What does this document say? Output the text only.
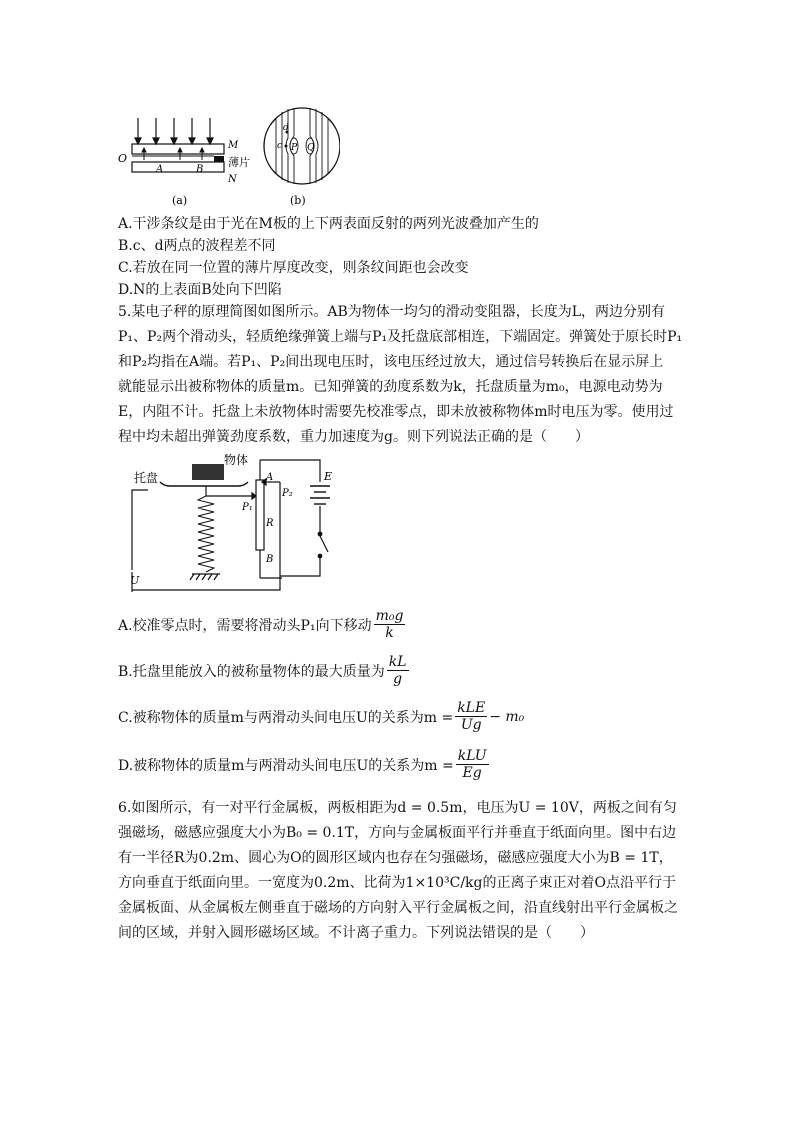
O
A	B
M
N
薄片
(a)
c
d
P Q
(b)
A.干涉条纹是由于光在M板的上下两表面反射的两列光波叠加产生的
B.c、d两点的波程差不同
C.若放在同一位置的薄片厚度改变，则条纹间距也会改变
D.N的上表面B处向下凹陷
5.某电子秤的原理简图如图所示。AB为物体一均匀的滑动变阻器，长度为L，两边分别有
P₁、P₂两个滑动头，轻质绝缘弹簧上端与P₁及托盘底部相连，下端固定。弹簧处于原长时P₁
和P₂均指在A端。若P₁、P₂间出现电压时，该电压经过放大，通过信号转换后在显示屏上
就能显示出被称物体的质量m。已知弹簧的劲度系数为k，托盘质量为m₀，电源电动势为
E，内阻不计。托盘上未放物体时需要先校准零点，即未放被称物体m时电压为零。使用过
程中均未超出弹簧劲度系数，重力加速度为g。则下列说法正确的是（　　）
物体
托盘	A
B
P₁
P₂
R
E
U
A.校准零点时，需要将滑动头P₁向下移动 $\frac{\text{m₀g}}{k}$
B.托盘里能放入的被称量物体的最大质量为 $\frac{kL}{g}$
C.被称物体的质量m与两滑动头间电压U的关系为$m = \frac{\text{kLE}}{Ug} - m_0$
D.被称物体的质量m与两滑动头间电压U的关系为$m = \frac{\text{kLU}}{Eg}$
6.如图所示，有一对平行金属板，两板相距为d = 0.5m，电压为U = 10V，两板之间有匀
强磁场，磁感应强度大小为B₀ = 0.1T，方向与金属板面平行并垂直于纸面向里。图中右边
有一半径R为0.2m、圆心为O的圆形区域内也存在匀强磁场，磁感应强度大小为B = 1T，
方向垂直于纸面向里。一宽度为0.2m、比荷为1×10³C/kg的正离子束正对着O点沿平行于
金属板面、从金属板左侧垂直于磁场的方向射入平行金属板之间，沿直线射出平行金属板之
间的区域，并射入圆形磁场区域。不计离子重力。下列说法错误的是（　　）
